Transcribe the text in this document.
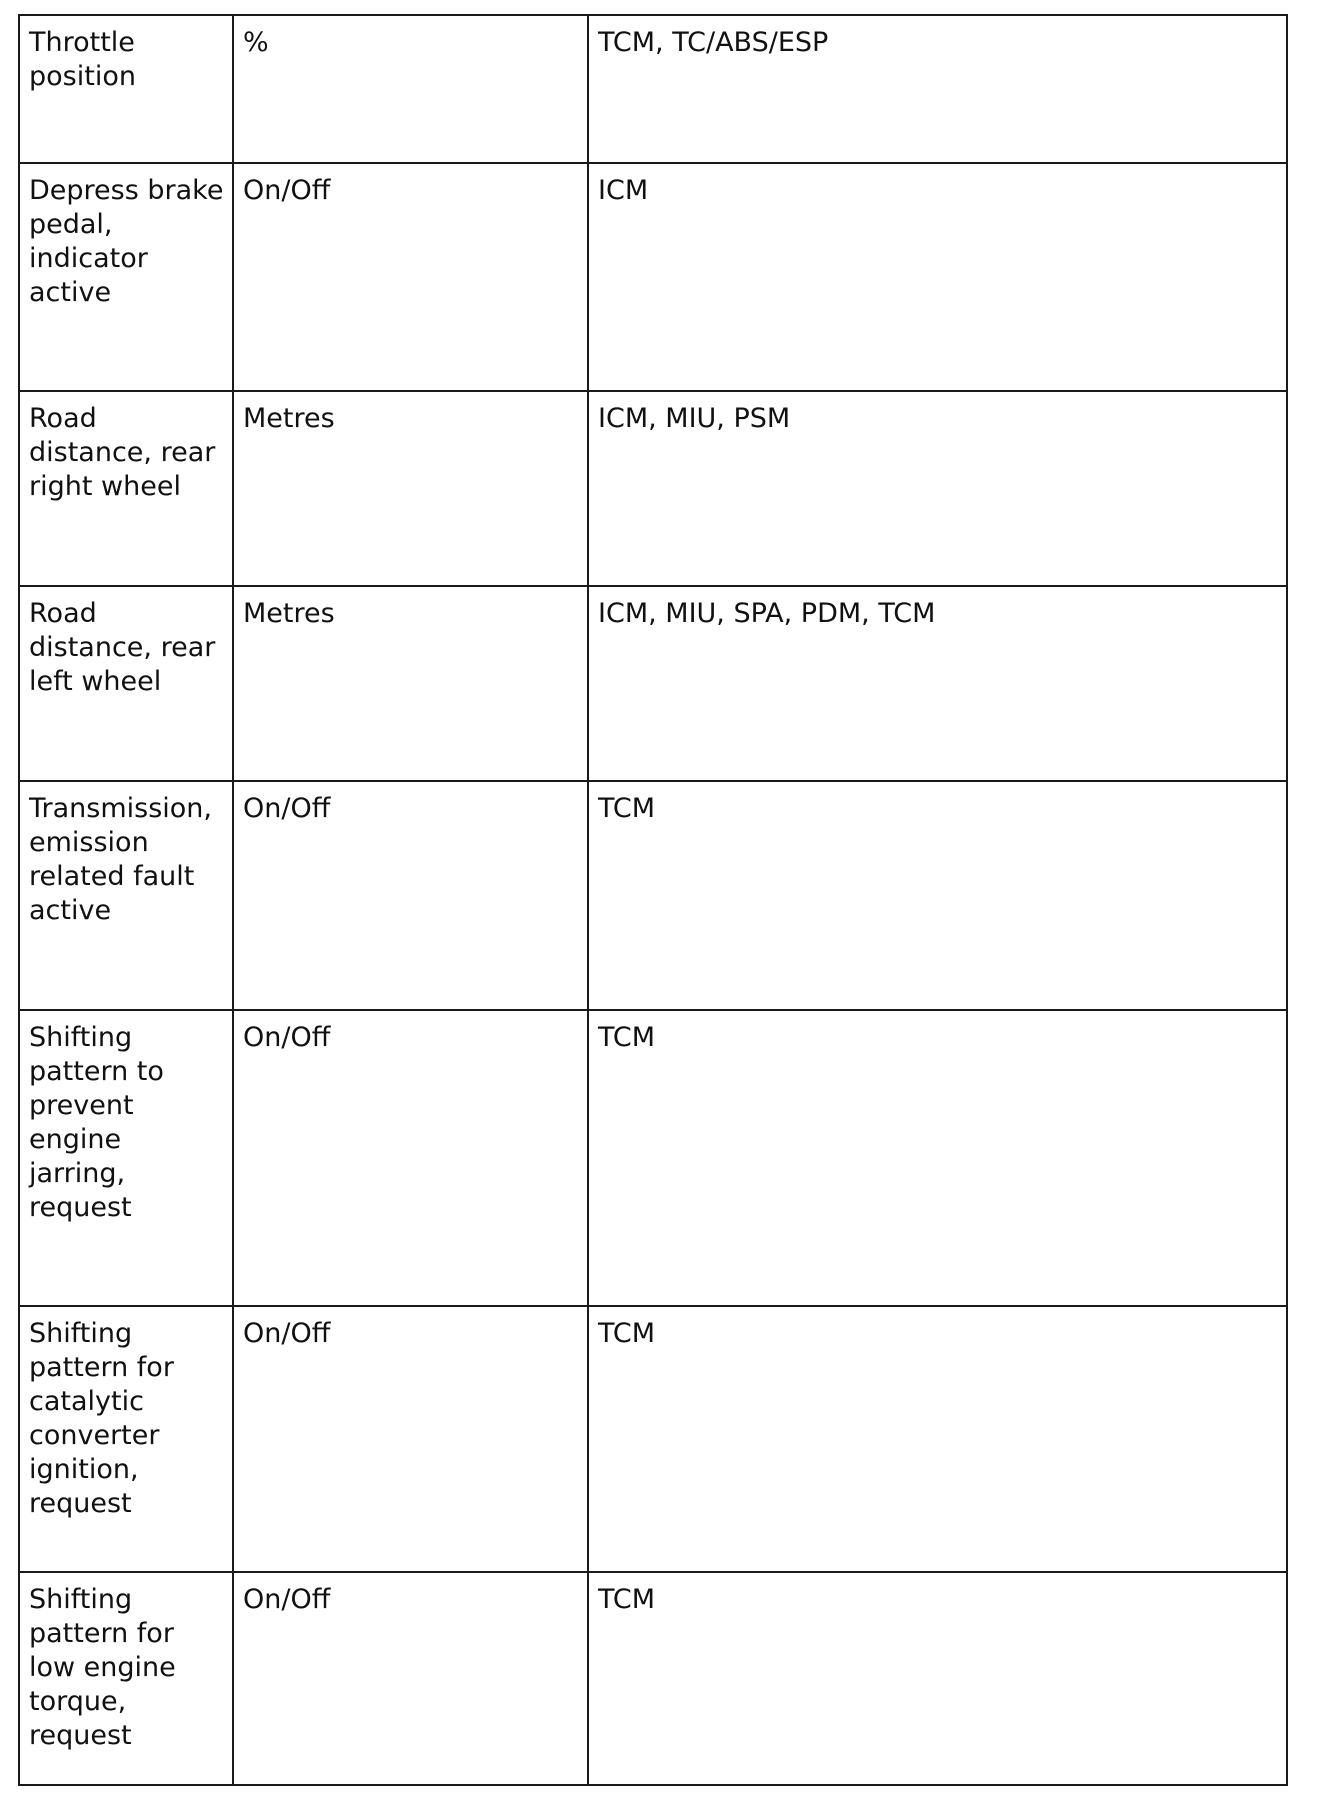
Throttle position	%	TCM, TC/ABS/ESP
Depress brake pedal, indicator active	On/Off	ICM
Road distance, rear right wheel	Metres	ICM, MIU, PSM
Road distance, rear left wheel	Metres	ICM, MIU, SPA, PDM, TCM
Transmission, emission related fault active	On/Off	TCM
Shifting pattern to prevent engine jarring, request	On/Off	TCM
Shifting pattern for catalytic converter ignition, request	On/Off	TCM
Shifting pattern for low engine torque, request	On/Off	TCM
